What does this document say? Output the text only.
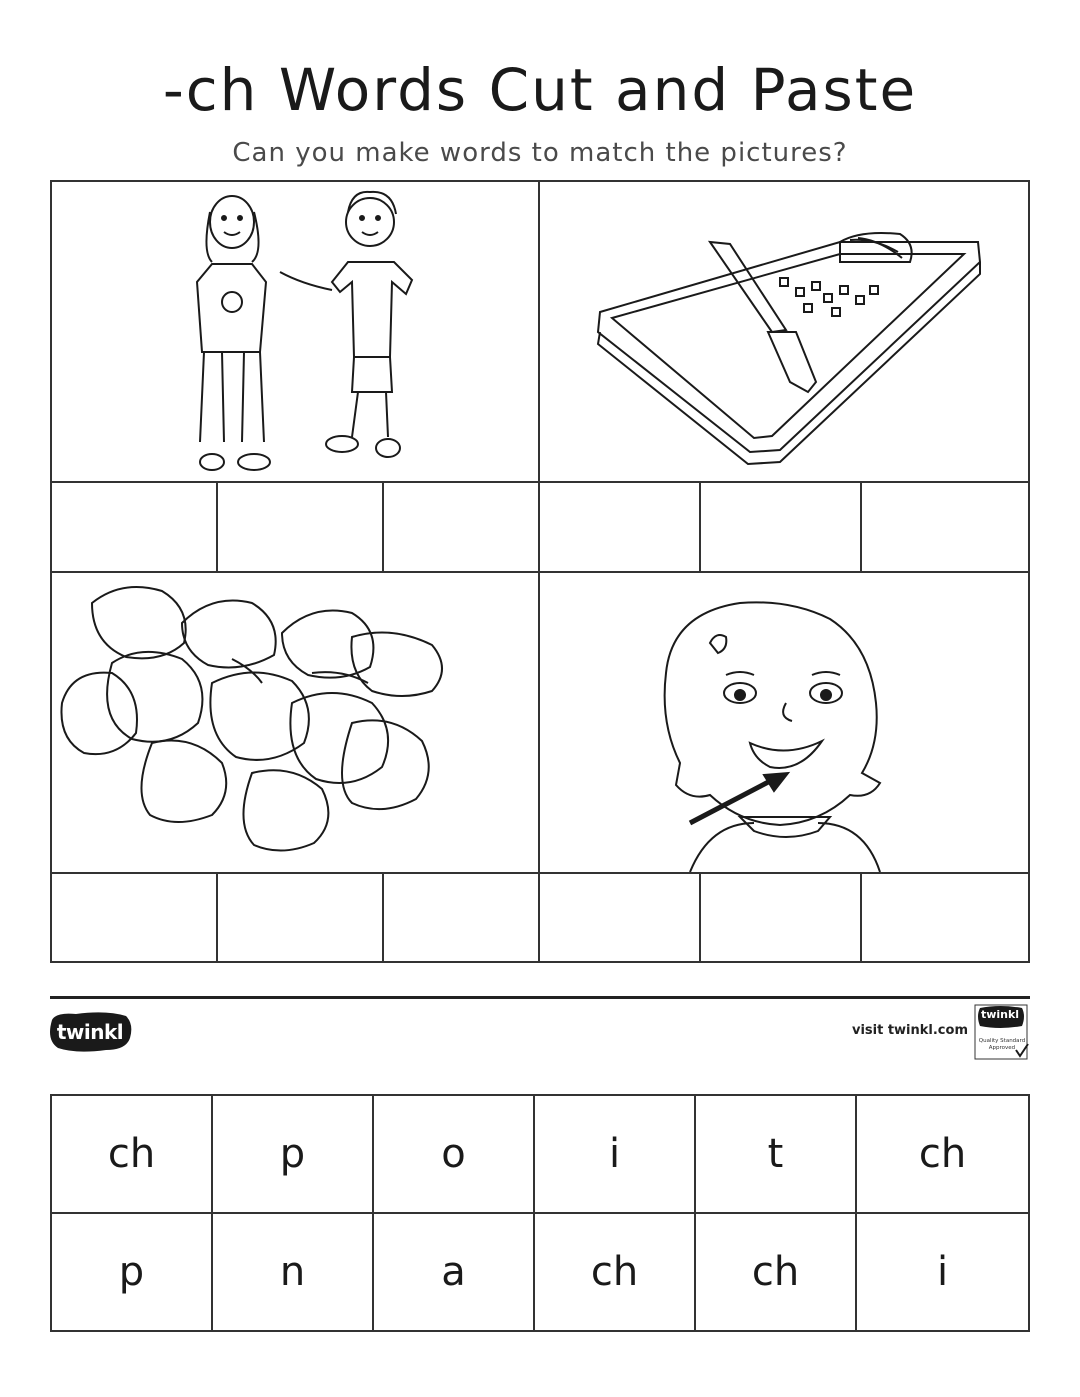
-ch Words Cut and Paste
Can you make words to match the pictures?
twinkl	visit twinkl.com
twinkl
Quality Standard Approved
ch	p	o	i	t	ch
p	n	a	ch	ch	i
